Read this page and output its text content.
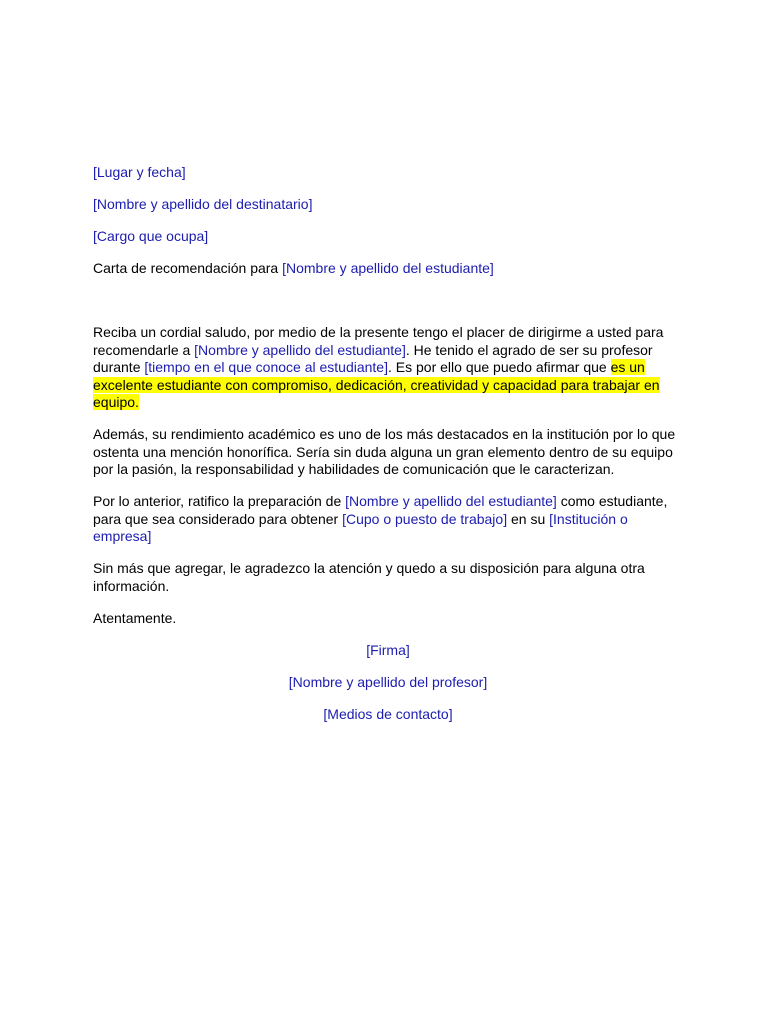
[Lugar y fecha]

[Nombre y apellido del destinatario]

[Cargo que ocupa]

Carta de recomendación para [Nombre y apellido del estudiante]

Reciba un cordial saludo, por medio de la presente tengo el placer de dirigirme a usted para recomendarle a [Nombre y apellido del estudiante]. He tenido el agrado de ser su profesor durante [tiempo en el que conoce al estudiante]. Es por ello que puedo afirmar que es un excelente estudiante con compromiso, dedicación, creatividad y capacidad para trabajar en equipo.

Además, su rendimiento académico es uno de los más destacados en la institución por lo que ostenta una mención honorífica. Sería sin duda alguna un gran elemento dentro de su equipo por la pasión, la responsabilidad y habilidades de comunicación que le caracterizan.

Por lo anterior, ratifico la preparación de [Nombre y apellido del estudiante] como estudiante, para que sea considerado para obtener [Cupo o puesto de trabajo] en su [Institución o empresa]

Sin más que agregar, le agradezco la atención y quedo a su disposición para alguna otra información.

Atentamente.

[Firma]

[Nombre y apellido del profesor]

[Medios de contacto]
